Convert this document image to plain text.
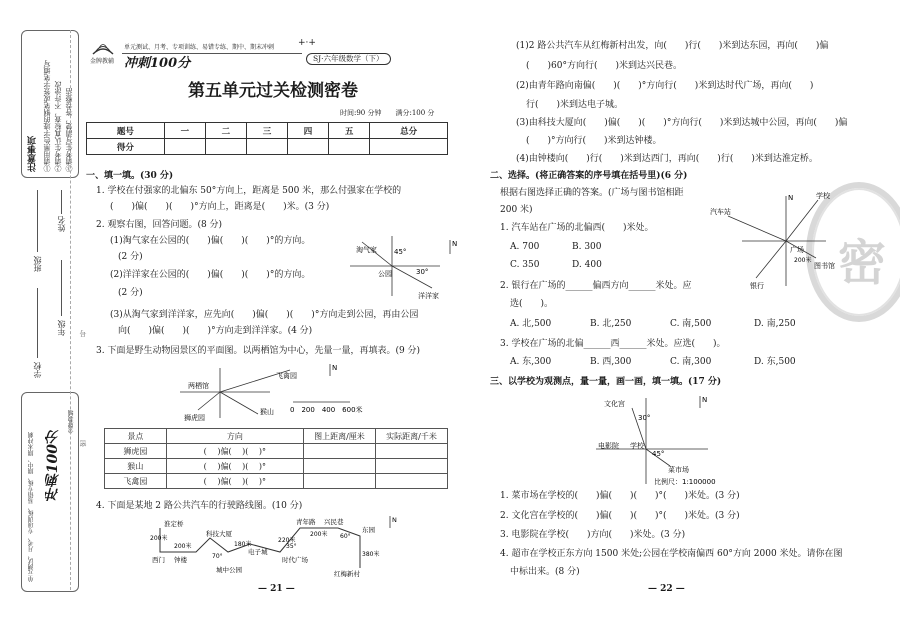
注意事项 ①请用黑色字迹的钢笔或签字笔填写 ②请考生认真检查，不许涂改 ③请考生写清楚，答卷整洁
学校
班级
年级
姓名
号
密
单元测试、月考、专项训练、易错专练、期中、期末冲刺 冲刺100分
金牌教辅
金牌教辅 冲刺100分
单元测试、月考、专项训练、易错专练、期中、期末冲刺	+·+
SJ·六年级数学（下）
第五单元过关检测密卷
时间:90 分钟　　满分:100 分
题号	一	二	三	四	五	总分
得分						
一、填一填。(30 分)
1. 学校在付强家的北偏东 50°方向上，距离是 500 米，那么付强家在学校的
(　　)偏(　　)(　　)°方向上，距离是(　　)米。(3 分)
2. 观察右图，回答问题。(8 分)
(1)淘气家在公园的(　　)偏(　　)(　　)°的方向。
(2 分)
(2)洋洋家在公园的(　　)偏(　　)(　　)°的方向。
(2 分)
(3)从淘气家到洋洋家，应先向(　　)偏(　　)(　　)°方向走到公园，再由公园
向(　　)偏(　　)(　　)°方向走到洋洋家。(4 分)
3. 下面是野生动物园景区的平面图。以两栖馆为中心，先量一量，再填表。(9 分)
N
淘气家 45°
公园	30°
洋洋家
N
两栖馆
飞禽园
狮虎园
猴山 0　200　400　600米
景点	方向	图上距离/厘米	实际距离/千米
狮虎园	(　 )偏(　 )(　 )°		
猴山	(　 )偏(　 )(　 )°		
飞禽园	(　 )偏(　 )(　 )°		
4. 下面是某地 2 路公共汽车的行驶路线图。(10 分)
N
淮定桥
200米
西门 钟楼
200米
科技大厦
70°
城中公园
180米
电子城
220米
35°
时代广场
青年路 兴民巷
200米 60°
东园
380米
红梅新村
— 21 —
(1)2 路公共汽车从红梅新村出发，向(　　)行(　　)米到达东园，再向(　　)偏
(　　)60°方向行(　　)米到达兴民巷。
(2)由青年路向南偏(　　)(　　)°方向行(　　)米到达时代广场，再向(　　)
行(　　)米到达电子城。
(3)由科技大厦向(　　)偏(　　)(　　)°方向行(　　)米到达城中公园，再向(　　)偏
(　　)°方向行(　　)米到达钟楼。
(4)由钟楼向(　　)行(　　)米到达西门，再向(　　)行(　　)米到达淮定桥。
二、选择。(将正确答案的序号填在括号里)(6 分)
根据右图选择正确的答案。(广场与图书馆相距
200 米)
1. 汽车站在广场的北偏西(　　)米处。
A. 700	B. 300
C. 350	D. 400
2. 银行在广场的______偏西方向______米处。应
选(　　)。
A. 北,500	B. 北,250	C. 南,500	D. 南,250
3. 学校在广场的北偏______西______米处。应选(　　)。
A. 东,300	B. 西,300	C. 南,300	D. 东,500
密
汽车站
学校
广场
200米
图书馆
银行
N
三、以学校为观测点，量一量，画一画，填一填。(17 分)
N
文化宫
30°
电影院 学校
45°
菜市场
比例尺：1:100000
1. 菜市场在学校的(　　)偏(　　)(　　)°(　　)米处。(3 分)
2. 文化宫在学校的(　　)偏(　　)(　　)°(　　)米处。(3 分)
3. 电影院在学校(　　)方向(　　)米处。(3 分)
4. 超市在学校正东方向 1500 米处;公园在学校南偏西 60°方向 2000 米处。请你在图
中标出来。(8 分)
— 22 —
